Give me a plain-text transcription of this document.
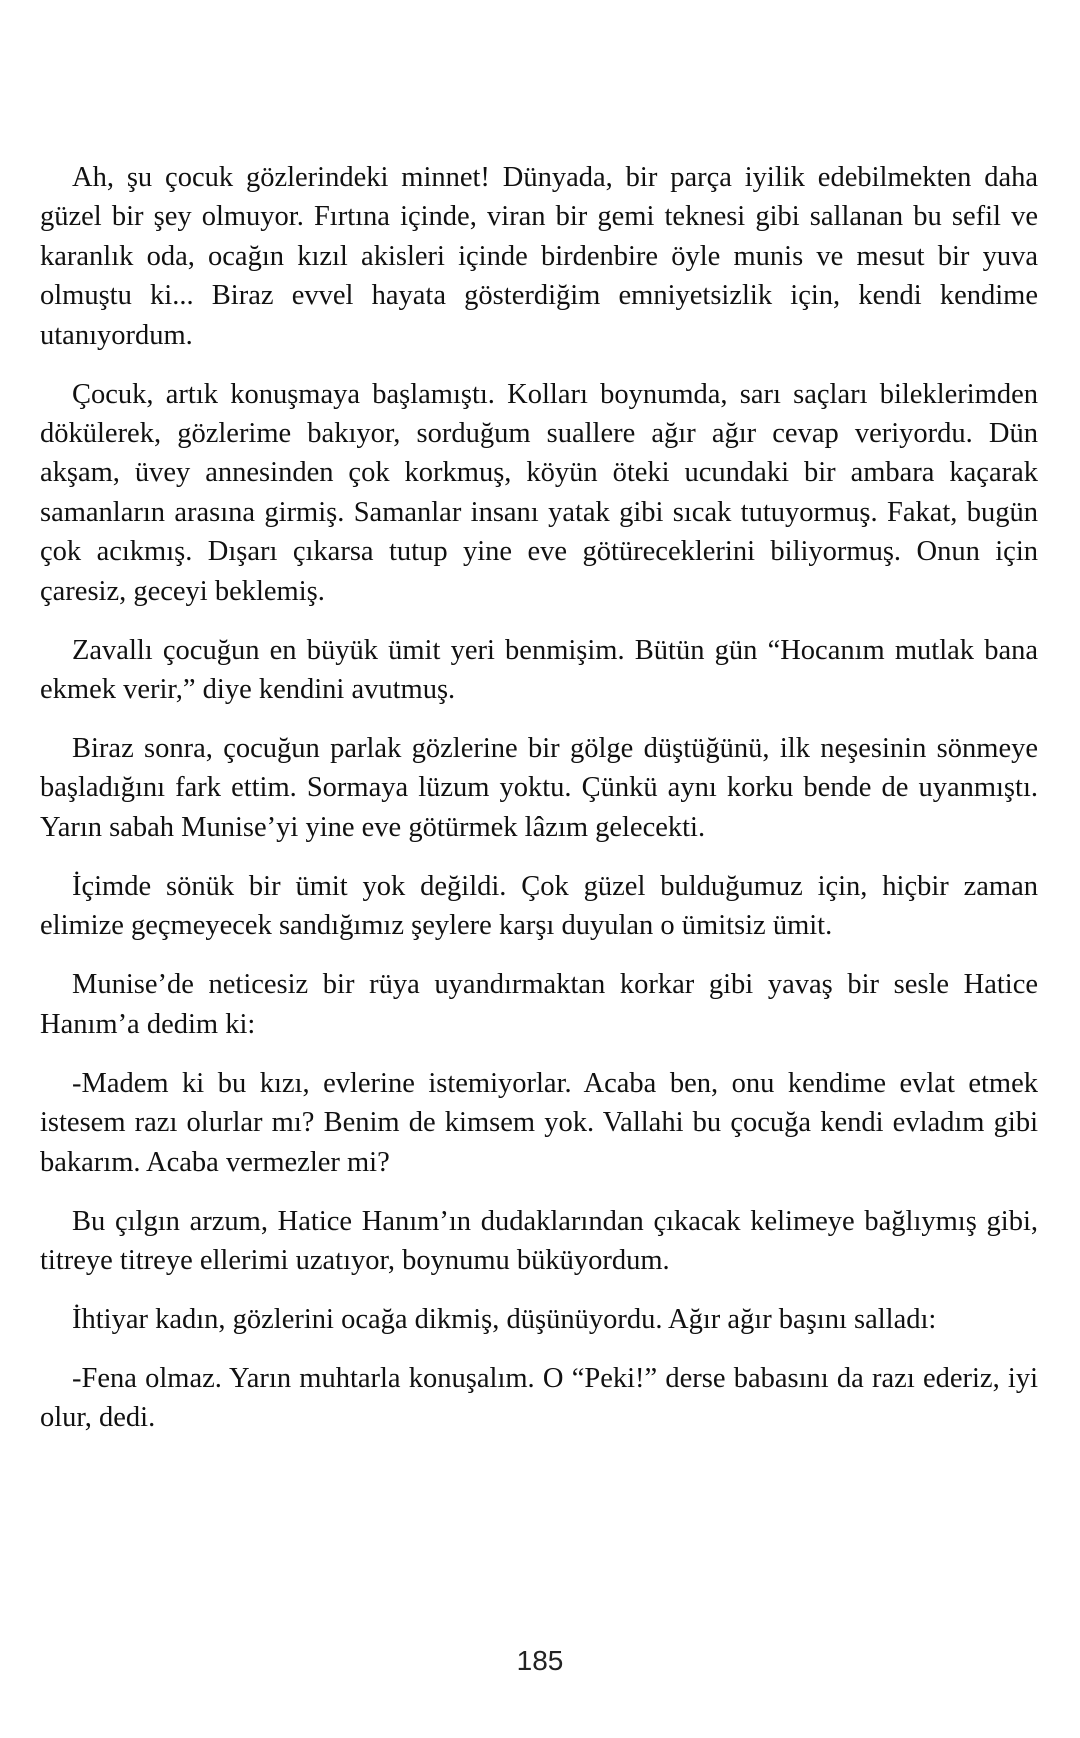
Ah, şu çocuk gözlerindeki minnet! Dünyada, bir parça iyilik edebilmekten daha güzel bir şey olmuyor. Fırtına içinde, viran bir gemi teknesi gibi sallanan bu sefil ve karanlık oda, ocağın kızıl akisleri içinde birdenbire öyle munis ve mesut bir yuva olmuştu ki... Biraz evvel hayata gösterdiğim emniyetsizlik için, kendi kendime utanıyordum.

Çocuk, artık konuşmaya başlamıştı. Kolları boynumda, sarı saçları bileklerimden dökülerek, gözlerime bakıyor, sorduğum suallere ağır ağır cevap veriyordu. Dün akşam, üvey annesinden çok korkmuş, köyün öteki ucundaki bir ambara kaçarak samanların arasına girmiş. Samanlar insanı yatak gibi sıcak tutuyormuş. Fakat, bugün çok acıkmış. Dışarı çıkarsa tutup yine eve götüreceklerini biliyormuş. Onun için çaresiz, geceyi beklemiş.

Zavallı çocuğun en büyük ümit yeri benmişim. Bütün gün “Hocanım mutlak bana ekmek verir,” diye kendini avutmuş.

Biraz sonra, çocuğun parlak gözlerine bir gölge düştüğünü, ilk neşesinin sönmeye başladığını fark ettim. Sormaya lüzum yoktu. Çünkü aynı korku bende de uyanmıştı. Yarın sabah Munise’yi yine eve götürmek lâzım gelecekti.

İçimde sönük bir ümit yok değildi. Çok güzel bulduğumuz için, hiçbir zaman elimize geçmeyecek sandığımız şeylere karşı duyulan o ümitsiz ümit.

Munise’de neticesiz bir rüya uyandırmaktan korkar gibi yavaş bir sesle Hatice Hanım’a dedim ki:

-Madem ki bu kızı, evlerine istemiyorlar. Acaba ben, onu kendime evlat etmek istesem razı olurlar mı? Benim de kimsem yok. Vallahi bu çocuğa kendi evladım gibi bakarım. Acaba vermezler mi?

Bu çılgın arzum, Hatice Hanım’ın dudaklarından çıkacak kelimeye bağlıymış gibi, titreye titreye ellerimi uzatıyor, boynumu büküyordum.

İhtiyar kadın, gözlerini ocağa dikmiş, düşünüyordu. Ağır ağır başını salladı:

-Fena olmaz. Yarın muhtarla konuşalım. O “Peki!” derse babasını da razı ederiz, iyi olur, dedi.

185
